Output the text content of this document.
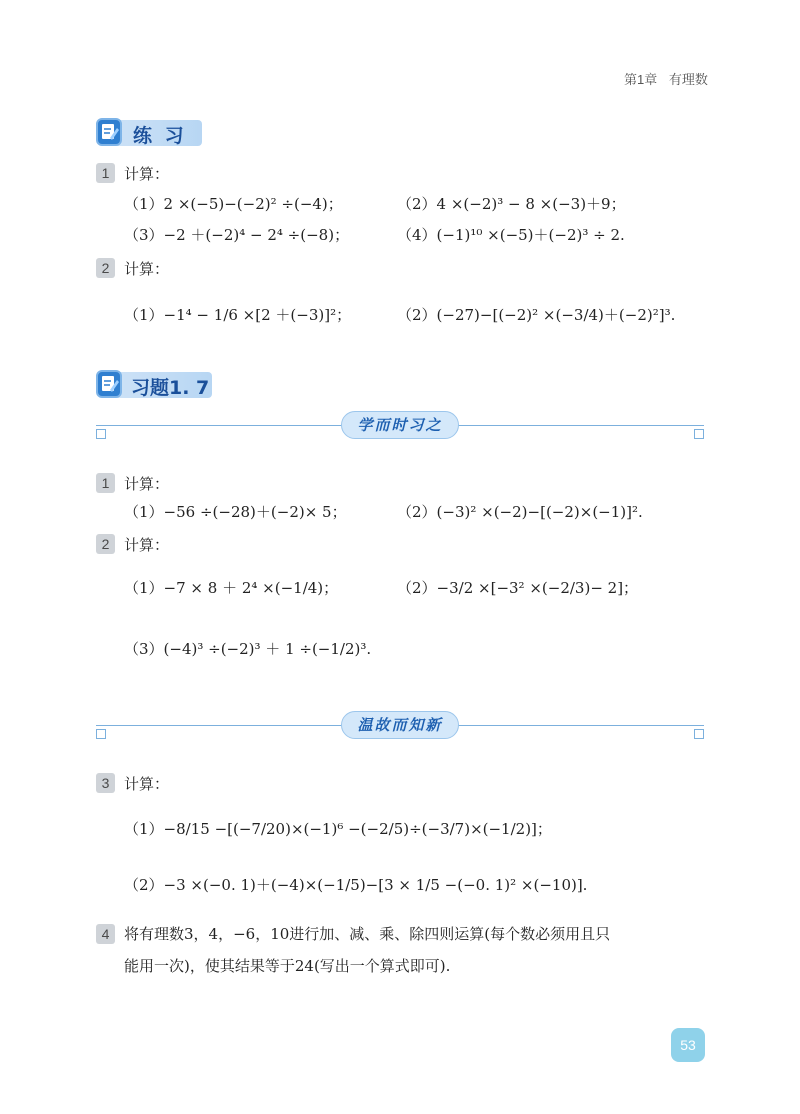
第1章 有理数
练 习
1 计算：
（1）2 ×(−5)−(−2)² ÷(−4)；	（2）4 ×(−2)³ − 8 ×(−3)＋9；
（3）−2 ＋(−2)⁴ − 2⁴ ÷(−8)；	（4）(−1)¹⁰ ×(−5)＋(−2)³ ÷ 2.
2 计算：
（1）−1⁴ − 1/6 ×[2 ＋(−3)]²；	（2）(−27)−[(−2)² ×(−3/4)＋(−2)²]³.
习题1. 7
学而时习之
1 计算：
（1）−56 ÷(−28)＋(−2)× 5；	（2）(−3)² ×(−2)−[(−2)×(−1)]².
2 计算：
（1）−7 × 8 ＋ 2⁴ ×(−1/4)；	（2）−3/2 ×[−3² ×(−2/3)− 2]；
（3）(−4)³ ÷(−2)³ ＋ 1 ÷(−1/2)³.
温故而知新
3 计算：
（1）−8/15 −[(−7/20)×(−1)⁶ −(−2/5)÷(−3/7)×(−1/2)]；
（2）−3 ×(−0. 1)＋(−4)×(−1/5)−[3 × 1/5 −(−0. 1)² ×(−10)].
4 将有理数3，4，−6，10进行加、减、乘、除四则运算(每个数必须用且只
能用一次)，使其结果等于24(写出一个算式即可).
53
